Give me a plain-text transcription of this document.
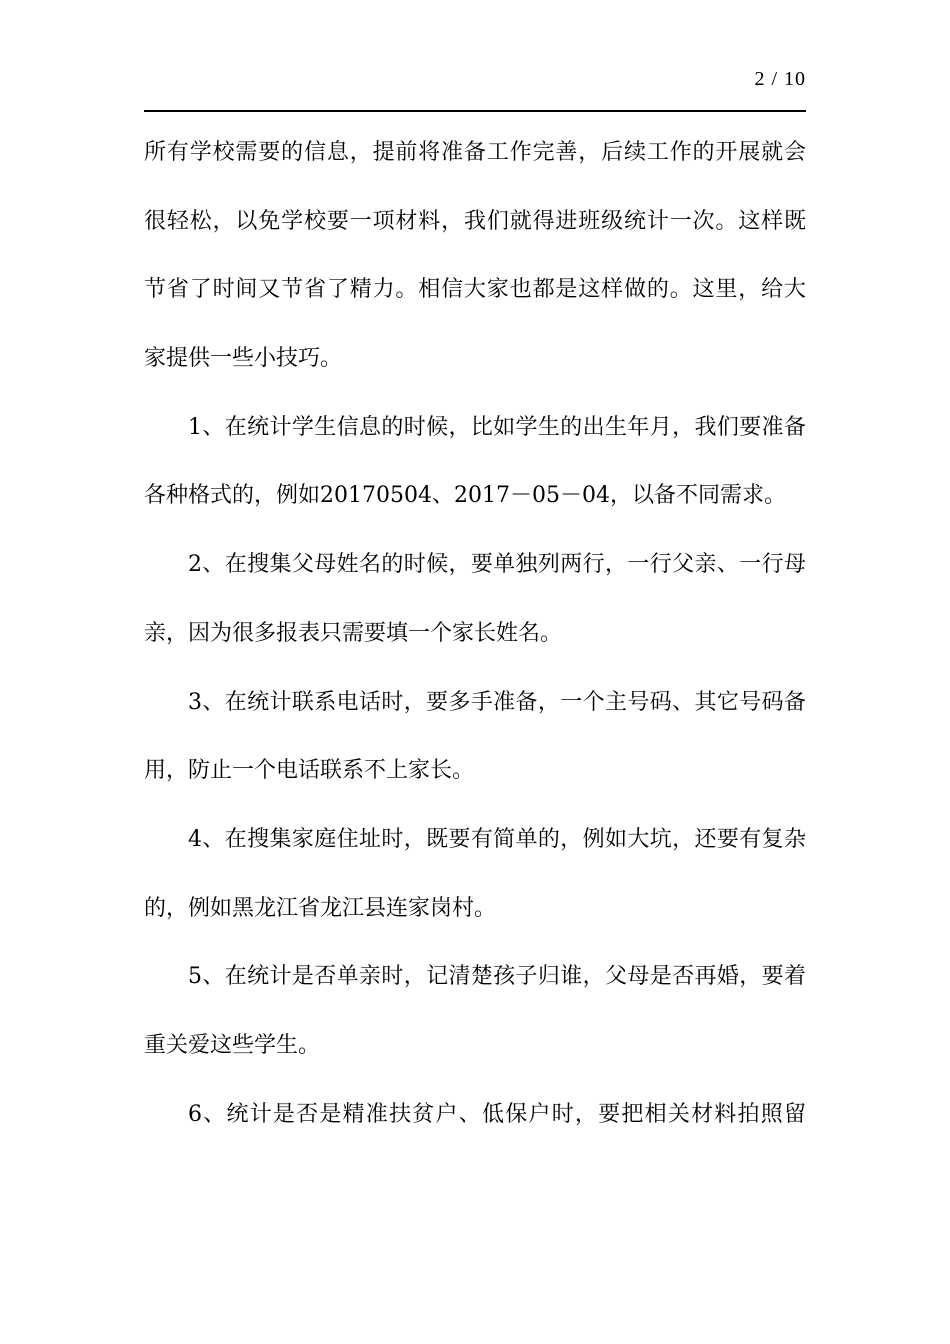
2 / 10
所有学校需要的信息，提前将准备工作完善，后续工作的开展就会
很轻松，以免学校要一项材料，我们就得进班级统计一次。这样既
节省了时间又节省了精力。相信大家也都是这样做的。这里，给大
家提供一些小技巧。
1、在统计学生信息的时候，比如学生的出生年月，我们要准备
各种格式的，例如20170504、2017－05－04，以备不同需求。
2、在搜集父母姓名的时候，要单独列两行，一行父亲、一行母
亲，因为很多报表只需要填一个家长姓名。
3、在统计联系电话时，要多手准备，一个主号码、其它号码备
用，防止一个电话联系不上家长。
4、在搜集家庭住址时，既要有简单的，例如大坑，还要有复杂
的，例如黑龙江省龙江县连家岗村。
5、在统计是否单亲时，记清楚孩子归谁，父母是否再婚，要着
重关爱这些学生。
6、统计是否是精准扶贫户、低保户时，要把相关材料拍照留
